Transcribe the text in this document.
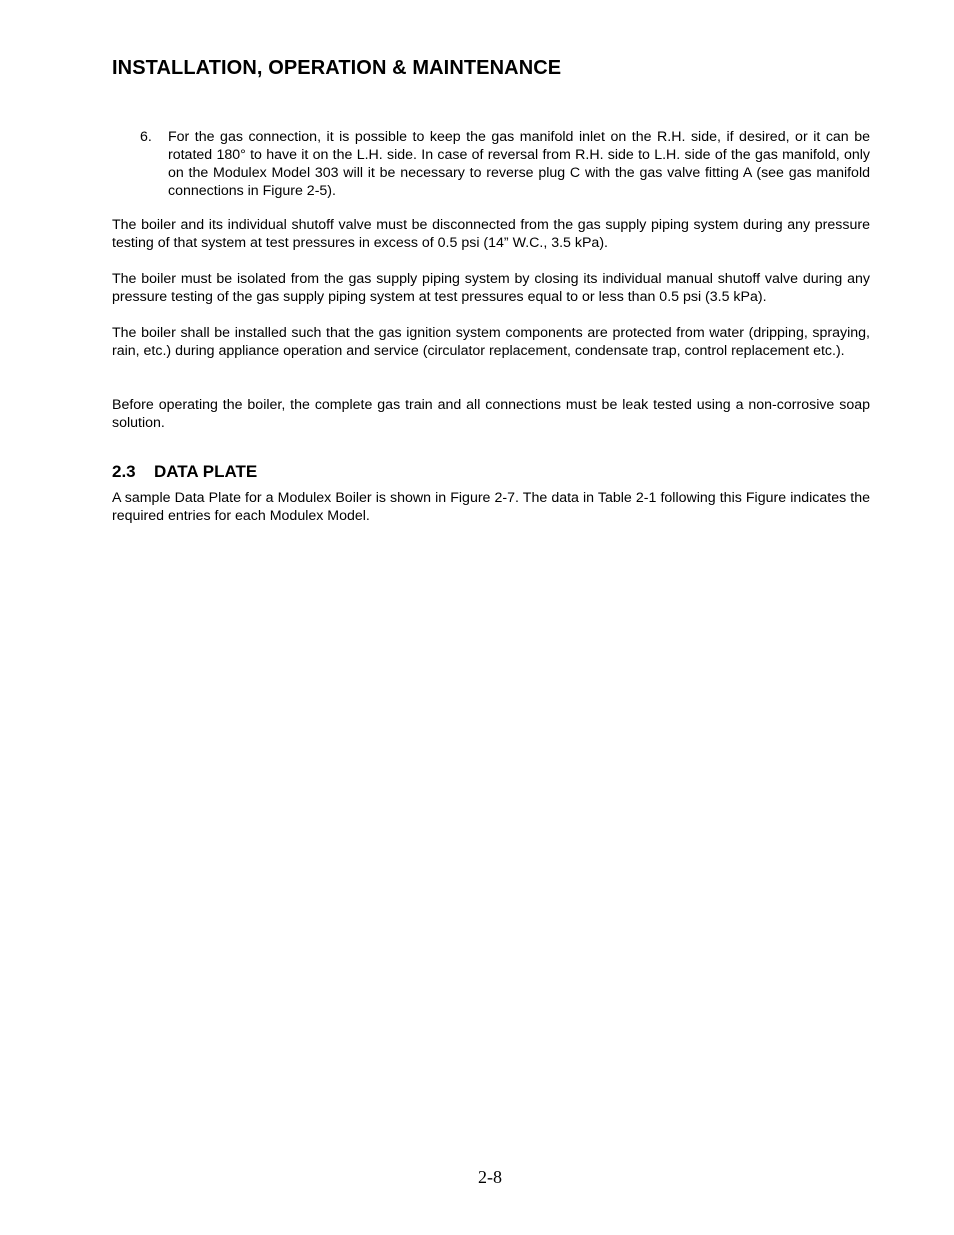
INSTALLATION, OPERATION & MAINTENANCE
6.	For the gas connection, it is possible to keep the gas manifold inlet on the R.H. side, if desired, or it can be rotated 180° to have it on the L.H. side. In case of reversal from R.H. side to L.H. side of the gas manifold, only on the Modulex Model 303 will it be necessary to reverse plug C with the gas valve fitting A (see gas manifold connections in Figure 2-5).

The boiler and its individual shutoff valve must be disconnected from the gas supply piping system during any pressure testing of that system at test pressures in excess of 0.5 psi (14” W.C., 3.5 kPa).

The boiler must be isolated from the gas supply piping system by closing its individual manual shutoff valve during any pressure testing of the gas supply piping system at test pressures equal to or less than 0.5 psi (3.5 kPa).

The boiler shall be installed such that the gas ignition system components are protected from water (dripping, spraying, rain, etc.) during appliance operation and service (circulator replacement, condensate trap, control replacement etc.).

Before operating the boiler, the complete gas train and all connections must be leak tested using a non-corrosive soap solution.

2.3 DATA PLATE

A sample Data Plate for a Modulex Boiler is shown in Figure 2-7. The data in Table 2-1 following this Figure indicates the required entries for each Modulex Model.

2-8
